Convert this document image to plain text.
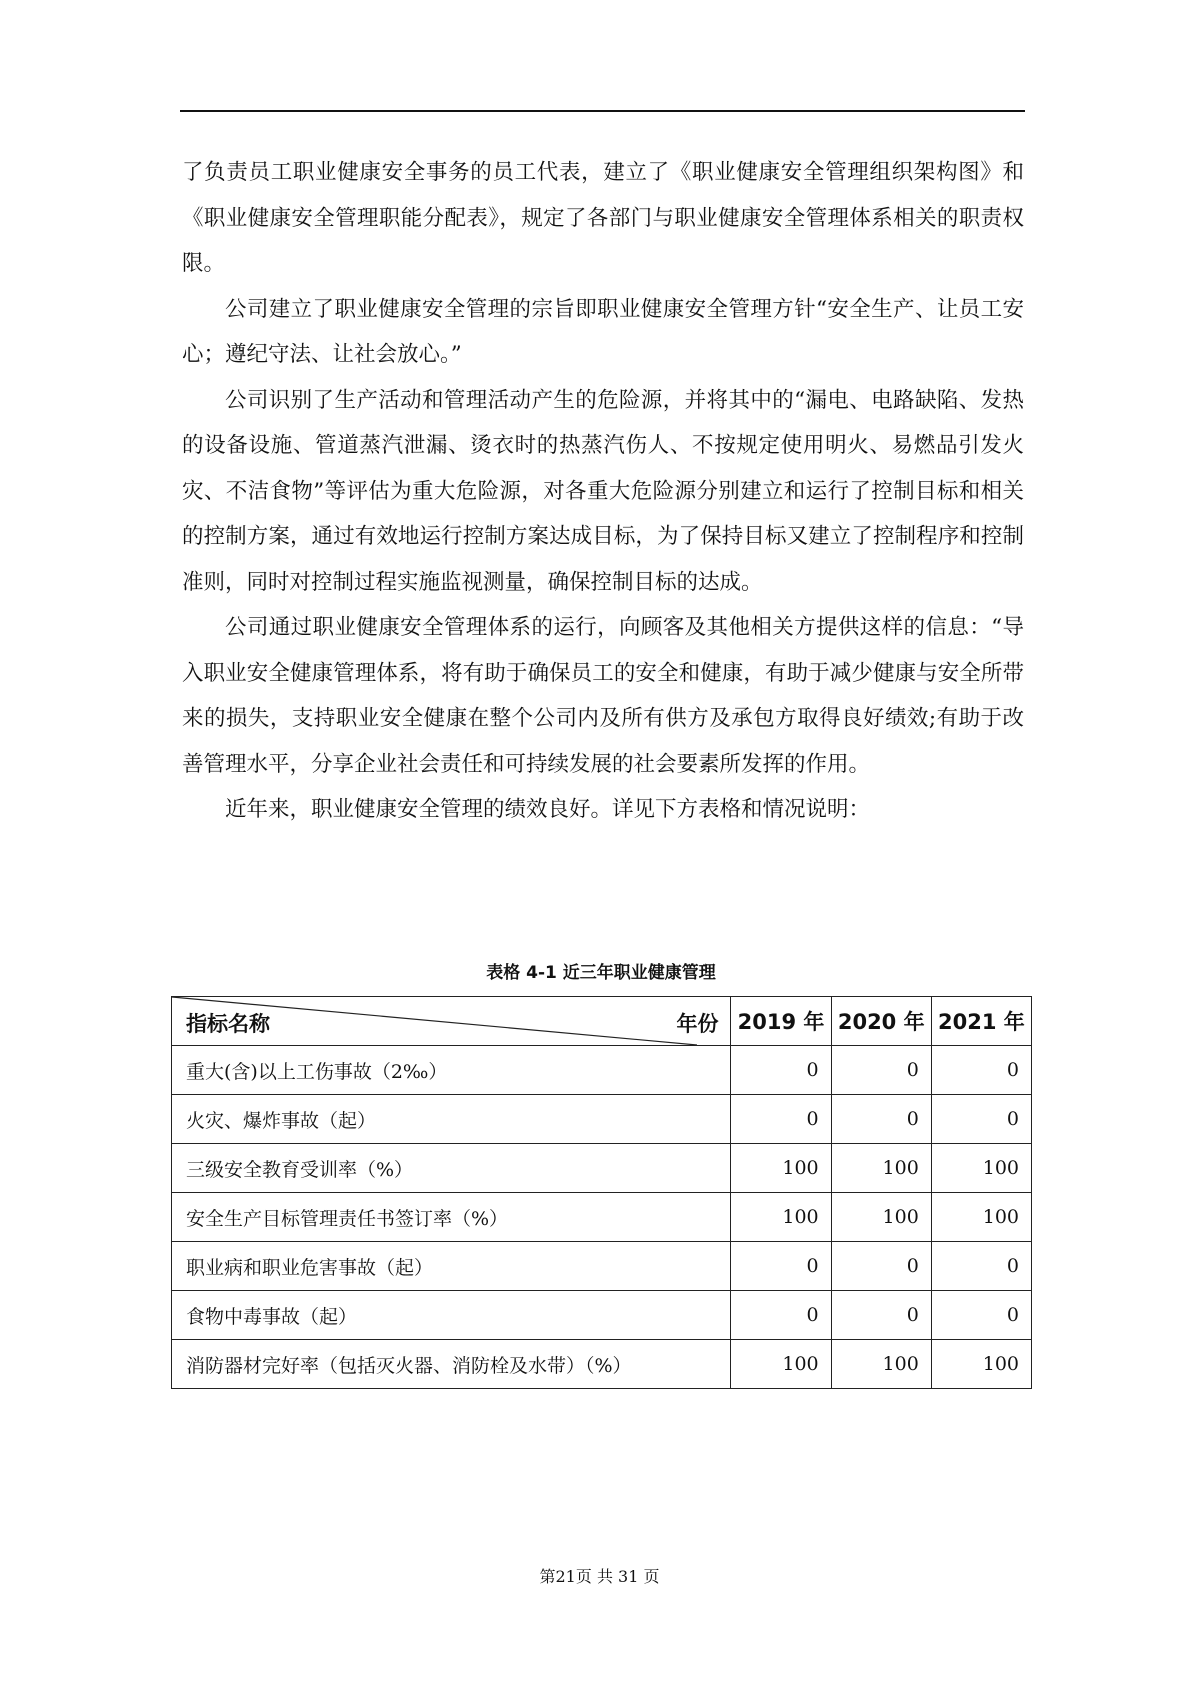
了负责员工职业健康安全事务的员工代表，建立了《职业健康安全管理组织架构图》和《职业健康安全管理职能分配表》，规定了各部门与职业健康安全管理体系相关的职责权限。

公司建立了职业健康安全管理的宗旨即职业健康安全管理方针“安全生产、让员工安心；遵纪守法、让社会放心。”

公司识别了生产活动和管理活动产生的危险源，并将其中的“漏电、电路缺陷、发热的设备设施、管道蒸汽泄漏、烫衣时的热蒸汽伤人、不按规定使用明火、易燃品引发火灾、不洁食物”等评估为重大危险源，对各重大危险源分别建立和运行了控制目标和相关的控制方案，通过有效地运行控制方案达成目标，为了保持目标又建立了控制程序和控制准则，同时对控制过程实施监视测量，确保控制目标的达成。

公司通过职业健康安全管理体系的运行，向顾客及其他相关方提供这样的信息：“导入职业安全健康管理体系，将有助于确保员工的安全和健康，有助于减少健康与安全所带来的损失，支持职业安全健康在整个公司内及所有供方及承包方取得良好绩效;有助于改善管理水平，分享企业社会责任和可持续发展的社会要素所发挥的作用。

近年来，职业健康安全管理的绩效良好。详见下方表格和情况说明：

表格 4-1 近三年职业健康管理
指标名称 年份	2019 年	2020 年	2021 年
重大(含)以上工伤事故（2‰）	0	0	0
火灾、爆炸事故（起）	0	0	0
三级安全教育受训率（%）	100	100	100
安全生产目标管理责任书签订率（%）	100	100	100
职业病和职业危害事故（起）	0	0	0
食物中毒事故（起）	0	0	0
消防器材完好率（包括灭火器、消防栓及水带）（%）	100	100	100
第21页 共 31 页
